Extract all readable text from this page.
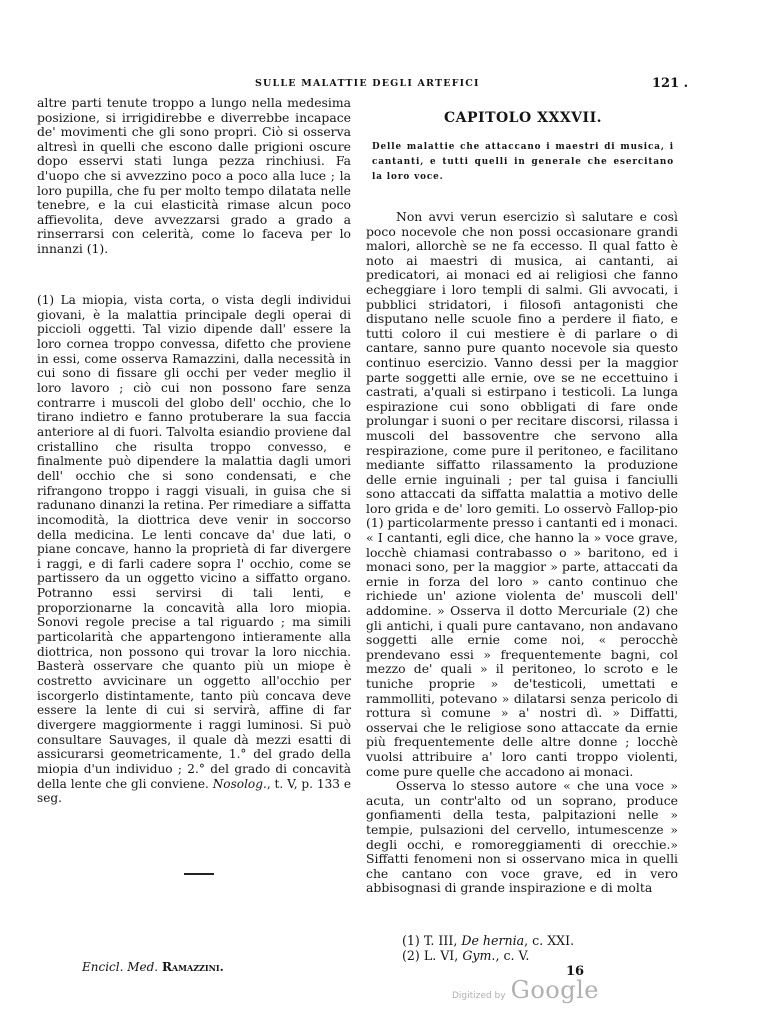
SULLE MALATTIE DEGLI ARTEFICI	121 .

altre parti tenute troppo a lungo nella medesima posizione, si irrigidirebbe e diverrebbe incapace de' movimenti che gli sono propri. Ciò si osserva altresì in quelli che escono dalle prigioni oscure dopo esservi stati lunga pezza rinchiusi. Fa d'uopo che si avvezzino poco a poco alla luce ; la loro pupilla, che fu per molto tempo dilatata nelle tenebre, e la cui elasticità rimase alcun poco affievolita, deve avvezzarsi grado a grado a rinserrarsi con celerità, come lo faceva per lo innanzi (1).

(1) La miopia, vista corta, o vista degli individui giovani, è la malattia principale degli operai di piccioli oggetti. Tal vizio dipende dall' essere la loro cornea troppo convessa, difetto che proviene in essi, come osserva Ramazzini, dalla necessità in cui sono di fissare gli occhi per veder meglio il loro lavoro ; ciò cui non possono fare senza contrarre i muscoli del globo dell' occhio, che lo tirano indietro e fanno protuberare la sua faccia anteriore al di fuori. Talvolta esiandio proviene dal cristallino che risulta troppo convesso, e finalmente può dipendere la malattia dagli umori dell' occhio che si sono condensati, e che rifrangono troppo i raggi visuali, in guisa che si radunano dinanzi la retina. Per rimediare a siffatta incomodità, la diottrica deve venir in soccorso della medicina. Le lenti concave da' due lati, o piane concave, hanno la proprietà di far divergere i raggi, e di farli cadere sopra l' occhio, come se partissero da un oggetto vicino a siffatto organo. Potranno essi servirsi di tali lenti, e proporzionarne la concavità alla loro miopia. Sonovi regole precise a tal riguardo ; ma simili particolarità che appartengono intieramente alla diottrica, non possono qui trovar la loro nicchia. Basterà osservare che quanto più un miope è costretto avvicinare un oggetto all'occhio per iscorgerlo distintamente, tanto più concava deve essere la lente di cui si servirà, affine di far divergere maggiormente i raggi luminosi. Si può consultare Sauvages, il quale dà mezzi esatti di assicurarsi geometricamente, 1.° del grado della miopia d'un individuo ; 2.° del grado di concavità della lente che gli conviene. Nosolog., t. V, p. 133 e seg.

CAPITOLO XXXVII.
Delle malattie che attaccano i maestri di musica, i cantanti, e tutti quelli in generale che esercitano la loro voce.

Non avvi verun esercizio sì salutare e così poco nocevole che non possi occasionare grandi malori, allorchè se ne fa eccesso. Il qual fatto è noto ai maestri di musica, ai cantanti, ai predicatori, ai monaci ed ai religiosi che fanno echeggiare i loro templi di salmi. Gli avvocati, i pubblici stridatori, i filosofi antagonisti che disputano nelle scuole fino a perdere il fiato, e tutti coloro il cui mestiere è di parlare o di cantare, sanno pure quanto nocevole sia questo continuo esercizio. Vanno dessi per la maggior parte soggetti alle ernie, ove se ne eccettuino i castrati, a'quali si estirpano i testicoli. La lunga espirazione cui sono obbligati di fare onde prolungar i suoni o per recitare discorsi, rilassa i muscoli del bassoventre che servono alla respirazione, come pure il peritoneo, e facilitano mediante siffatto rilassamento la produzione delle ernie inguinali ; per tal guisa i fanciulli sono attaccati da siffatta malattia a motivo delle loro grida e de' loro gemiti. Lo osservò Fallop-pio (1) particolarmente presso i cantanti ed i monaci. « I cantanti, egli dice, che hanno la » voce grave, locchè chiamasi contrabasso o » baritono, ed i monaci sono, per la maggior » parte, attaccati da ernie in forza del loro » canto continuo che richiede un' azione violenta de' muscoli dell' addomine. » Osserva il dotto Mercuriale (2) che gli antichi, i quali pure cantavano, non andavano soggetti alle ernie come noi, « perocchè prendevano essi » frequentemente bagni, col mezzo de' quali » il peritoneo, lo scroto e le tuniche proprie » de'testicoli, umettati e rammolliti, potevano » dilatarsi senza pericolo di rottura sì comune » a' nostri dì. » Diffatti, osservai che le religiose sono attaccate da ernie più frequentemente delle altre donne ; locchè vuolsi attribuire a' loro canti troppo violenti, come pure quelle che accadono ai monaci.

Osserva lo stesso autore « che una voce » acuta, un contr'alto od un soprano, produce gonfiamenti della testa, palpitazioni nelle » tempie, pulsazioni del cervello, intumescenze » degli occhi, e romoreggiamenti di orecchie.» Siffatti fenomeni non si osservano mica in quelli che cantano con voce grave, ed in vero abbisognasi di grande inspirazione e di molta

(1) T. III, De hernia, c. XXI.
(2) L. VI, Gym., c. V.
Encicl. Med. Ramazzini.	16
Digitized by Google
